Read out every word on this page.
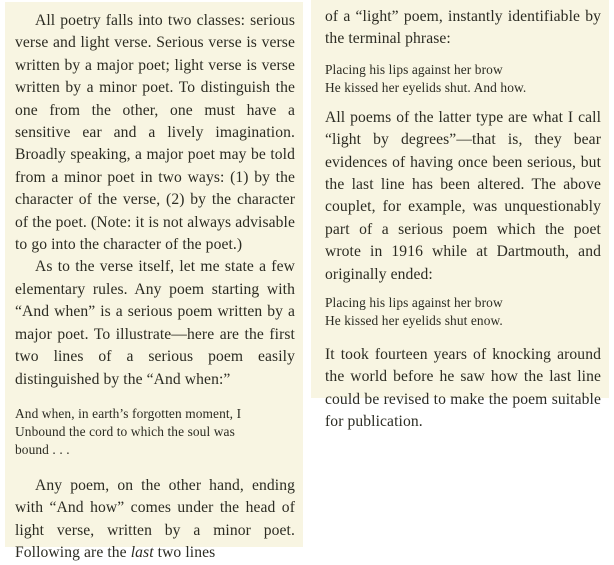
All poetry falls into two classes: serious verse and light verse. Serious verse is verse written by a major poet; light verse is verse written by a minor poet. To distinguish the one from the other, one must have a sensitive ear and a lively imagination. Broadly speaking, a major poet may be told from a minor poet in two ways: (1) by the character of the verse, (2) by the character of the poet. (Note: it is not always advisable to go into the character of the poet.)

As to the verse itself, let me state a few elementary rules. Any poem starting with “And when” is a serious poem written by a major poet. To illustrate—here are the first two lines of a serious poem easily distinguished by the “And when:”

And when, in earth’s forgotten moment, I
Unbound the cord to which the soul was
bound . . .

Any poem, on the other hand, ending with “And how” comes under the head of light verse, written by a minor poet. Following are the last two lines

of a “light” poem, instantly identifiable by the terminal phrase:

Placing his lips against her brow
He kissed her eyelids shut. And how.

All poems of the latter type are what I call “light by degrees”—that is, they bear evidences of having once been serious, but the last line has been altered. The above couplet, for example, was unquestionably part of a serious poem which the poet wrote in 1916 while at Dartmouth, and originally ended:

Placing his lips against her brow
He kissed her eyelids shut enow.

It took fourteen years of knocking around the world before he saw how the last line could be revised to make the poem suitable for publication.
